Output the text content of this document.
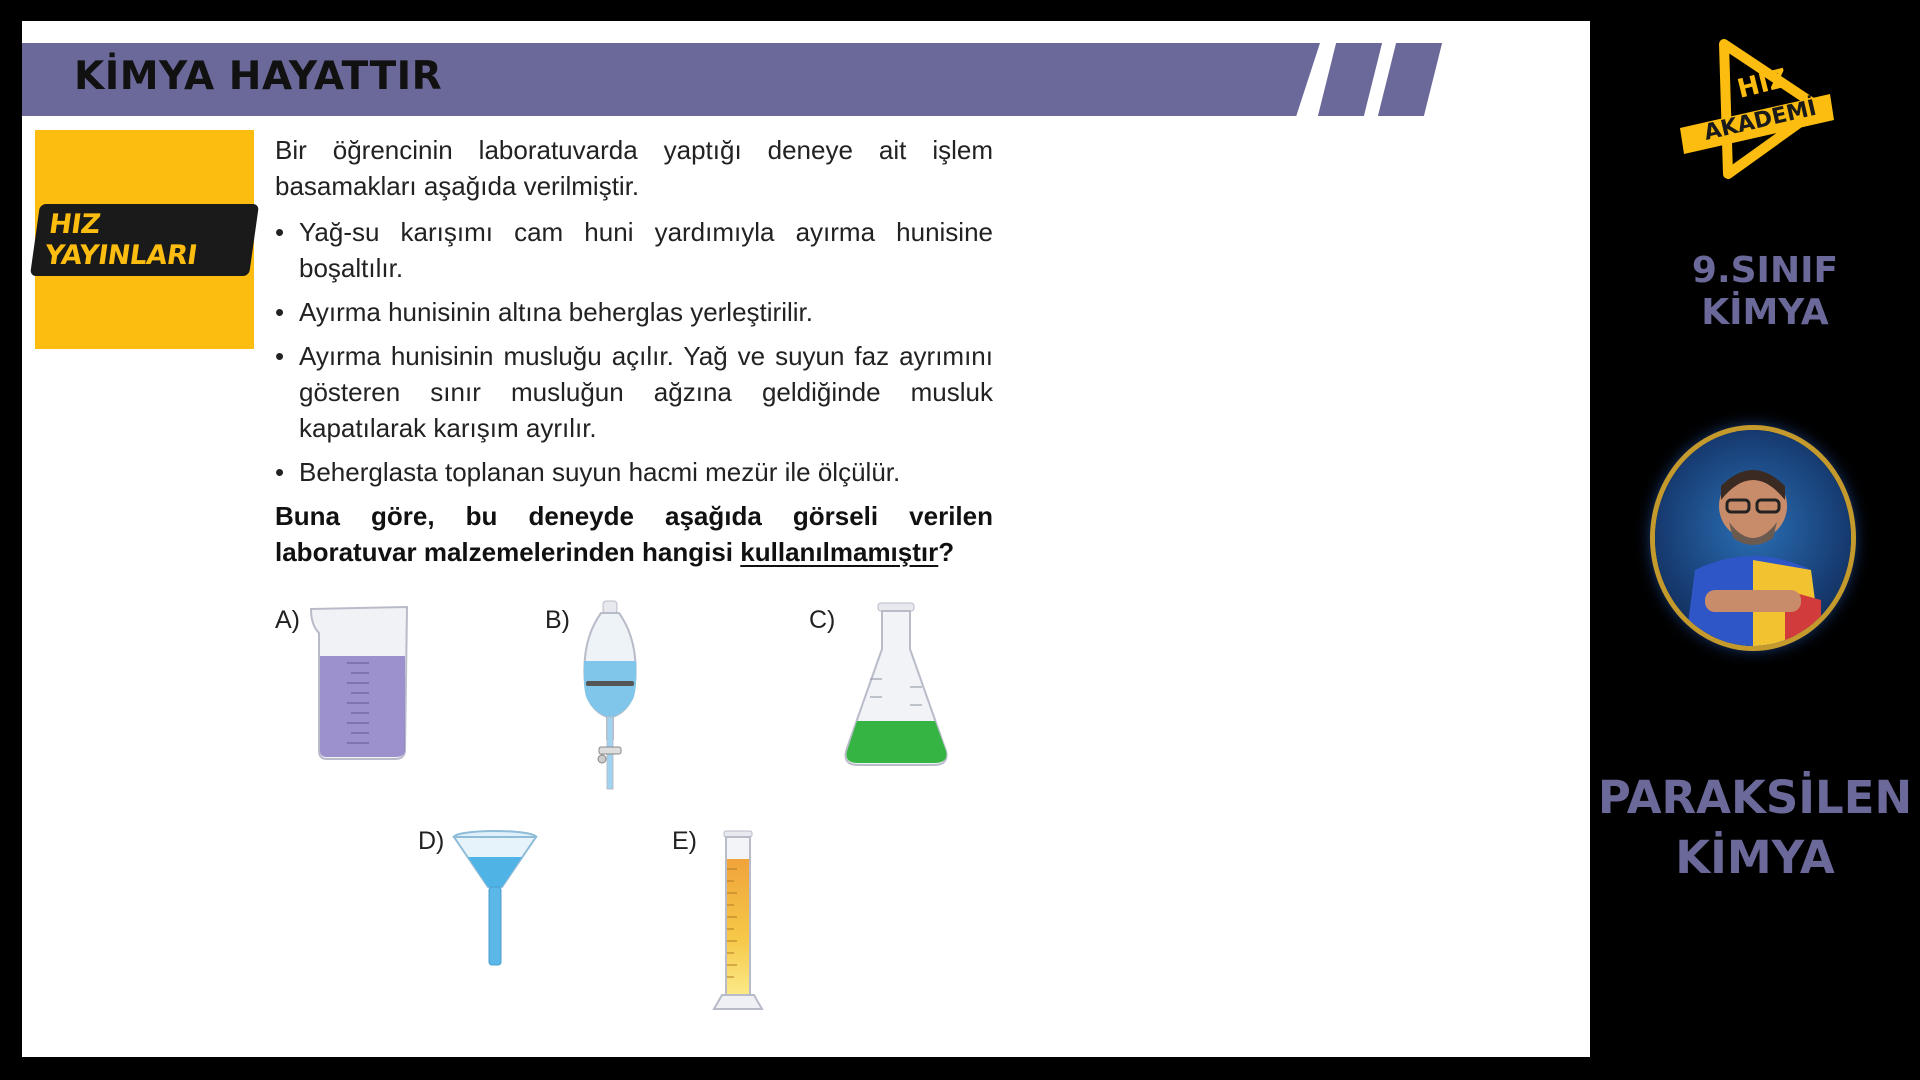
KİMYA HAYATTIR
HIZ YAYINLARI

Bir öğrencinin laboratuvarda yaptığı deneye ait işlem basamakları aşağıda verilmiştir.

• Yağ-su karışımı cam huni yardımıyla ayırma hunisine boşaltılır.
• Ayırma hunisinin altına beherglas yerleştirilir.
• Ayırma hunisinin musluğu açılır. Yağ ve suyun faz ayrımını gösteren sınır musluğun ağzına geldiğinde musluk kapatılarak karışım ayrılır.
• Beherglasta toplanan suyun hacmi mezür ile ölçülür.

Buna göre, bu deneyde aşağıda görseli verilen laboratuvar malzemelerinden hangisi kullanılmamıştır?

A)	B)	C)
D)	E)
HIZ
AKADEMİ
9.SINIF
KİMYA
PARAKSİLEN
KİMYA
